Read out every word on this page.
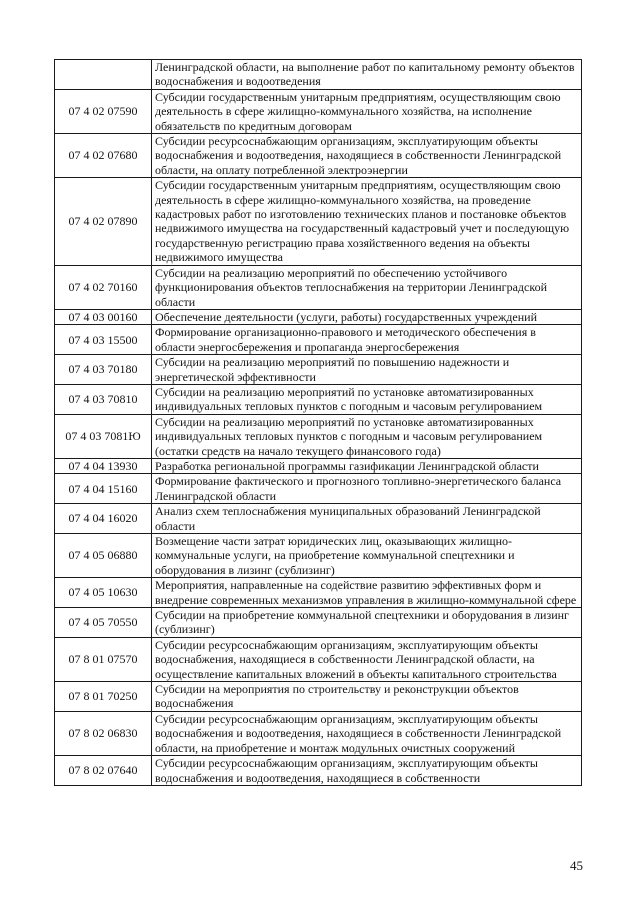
	Ленинградской области, на выполнение работ по капитальному ремонту объектов водоснабжения и водоотведения
07 4 02 07590	Субсидии государственным унитарным предприятиям, осуществляющим свою деятельность в сфере жилищно-коммунального хозяйства, на исполнение обязательств по кредитным договорам
07 4 02 07680	Субсидии ресурсоснабжающим организациям, эксплуатирующим объекты водоснабжения и водоотведения, находящиеся в собственности Ленинградской области, на оплату потребленной электроэнергии
07 4 02 07890	Субсидии государственным унитарным предприятиям, осуществляющим свою деятельность в сфере жилищно-коммунального хозяйства, на проведение кадастровых работ по изготовлению технических планов и постановке объектов недвижимого имущества на государственный кадастровый учет и последующую государственную регистрацию права хозяйственного ведения на объекты недвижимого имущества
07 4 02 70160	Субсидии на реализацию мероприятий по обеспечению устойчивого функционирования объектов теплоснабжения на территории Ленинградской области
07 4 03 00160	Обеспечение деятельности (услуги, работы) государственных учреждений
07 4 03 15500	Формирование организационно-правового и методического обеспечения в области энергосбережения и пропаганда энергосбережения
07 4 03 70180	Субсидии на реализацию мероприятий по повышению надежности и энергетической эффективности
07 4 03 70810	Субсидии на реализацию мероприятий по установке автоматизированных индивидуальных тепловых пунктов с погодным и часовым регулированием
07 4 03 7081Ю	Субсидии на реализацию мероприятий по установке автоматизированных индивидуальных тепловых пунктов с погодным и часовым регулированием (остатки средств на начало текущего финансового года)
07 4 04 13930	Разработка региональной программы газификации Ленинградской области
07 4 04 15160	Формирование фактического и прогнозного топливно-энергетического баланса Ленинградской области
07 4 04 16020	Анализ схем теплоснабжения муниципальных образований Ленинградской области
07 4 05 06880	Возмещение части затрат юридических лиц, оказывающих жилищно-коммунальные услуги, на приобретение коммунальной спецтехники и оборудования в лизинг (сублизинг)
07 4 05 10630	Мероприятия, направленные на содействие развитию эффективных форм и внедрение современных механизмов управления в жилищно-коммунальной сфере
07 4 05 70550	Субсидии на приобретение коммунальной спецтехники и оборудования в лизинг (сублизинг)
07 8 01 07570	Субсидии ресурсоснабжающим организациям, эксплуатирующим объекты водоснабжения, находящиеся в собственности Ленинградской области, на осуществление капитальных вложений в объекты капитального строительства
07 8 01 70250	Субсидии на мероприятия по строительству и реконструкции объектов водоснабжения
07 8 02 06830	Субсидии ресурсоснабжающим организациям, эксплуатирующим объекты водоснабжения и водоотведения, находящиеся в собственности Ленинградской области, на приобретение и монтаж модульных очистных сооружений
07 8 02 07640	Субсидии ресурсоснабжающим организациям, эксплуатирующим объекты водоснабжения и водоотведения, находящиеся в собственности
45
